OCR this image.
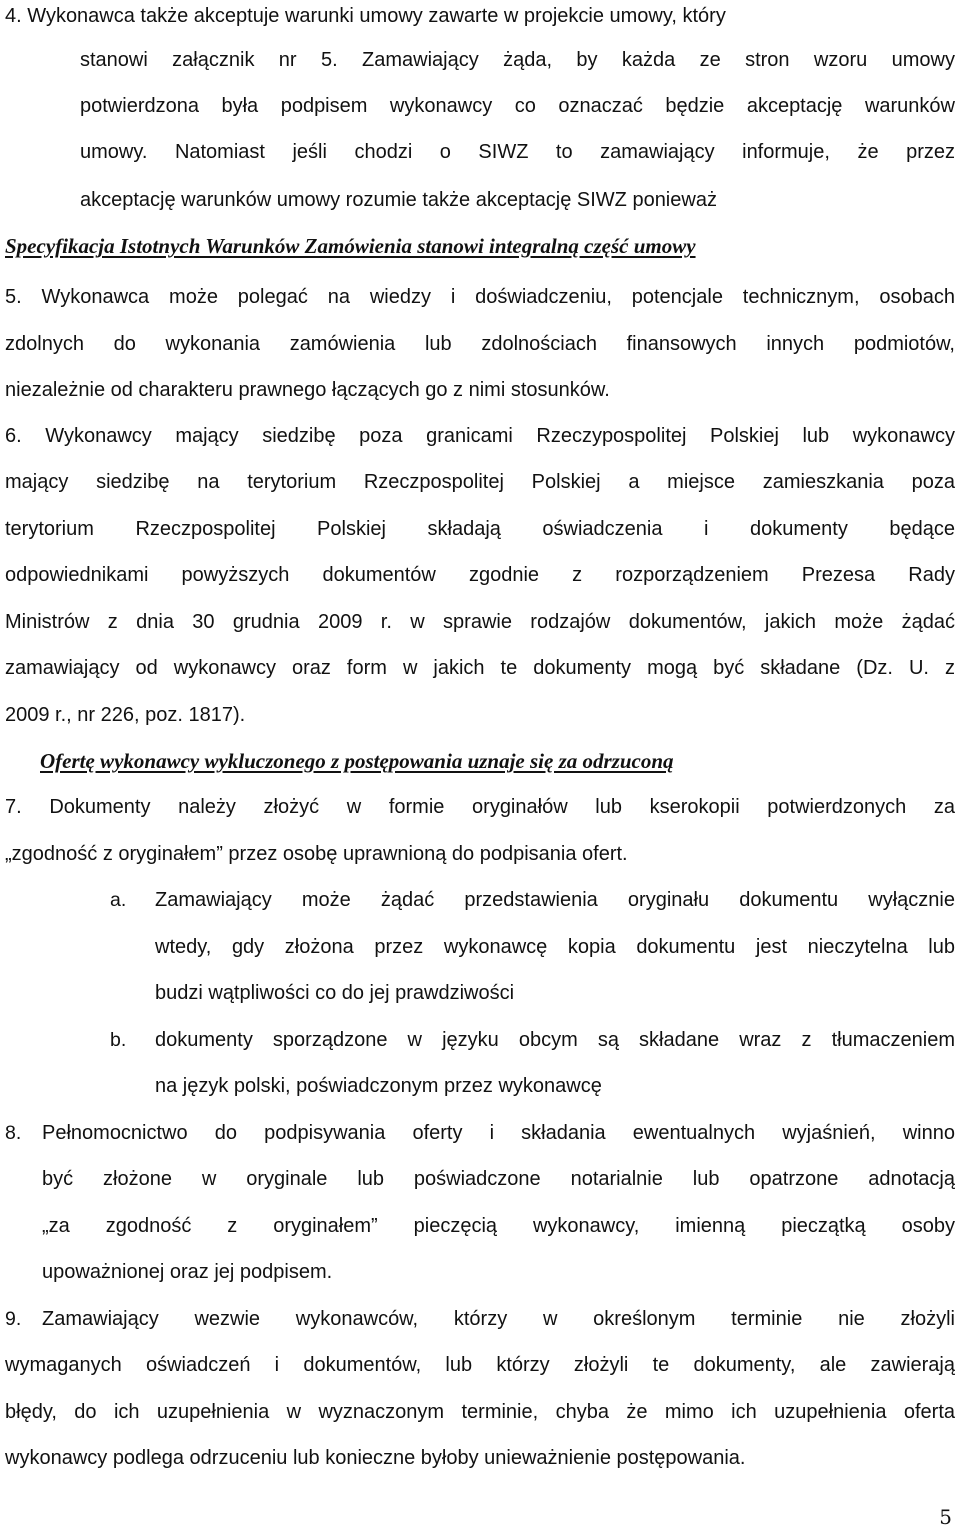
4. Wykonawca także akceptuje warunki umowy zawarte w projekcie umowy, który
stanowi załącznik nr 5. Zamawiający żąda, by każda ze stron wzoru umowy
potwierdzona była podpisem wykonawcy co oznaczać będzie akceptację warunków
umowy. Natomiast jeśli chodzi o SIWZ to zamawiający informuje, że przez
akceptację warunków umowy rozumie także akceptację SIWZ ponieważ
Specyfikacja Istotnych Warunków Zamówienia stanowi integralną część umowy
5. Wykonawca może polegać na wiedzy i doświadczeniu, potencjale technicznym, osobach
zdolnych do wykonania zamówienia lub zdolnościach finansowych innych podmiotów,
niezależnie od charakteru prawnego łączących go z nimi stosunków.
6. Wykonawcy mający siedzibę poza granicami Rzeczypospolitej Polskiej lub wykonawcy
mający siedzibę na terytorium Rzeczpospolitej Polskiej a miejsce zamieszkania poza
terytorium Rzeczpospolitej Polskiej składają oświadczenia i dokumenty będące
odpowiednikami powyższych dokumentów zgodnie z rozporządzeniem Prezesa Rady
Ministrów z dnia 30 grudnia 2009 r. w sprawie rodzajów dokumentów, jakich może żądać
zamawiający od wykonawcy oraz form w jakich te dokumenty mogą być składane (Dz. U. z
2009 r., nr 226, poz. 1817).
Ofertę wykonawcy wykluczonego z postępowania uznaje się za odrzuconą
7. Dokumenty należy złożyć w formie oryginałów lub kserokopii potwierdzonych za
„zgodność z oryginałem” przez osobę uprawnioną do podpisania ofert.
a. Zamawiający może żądać przedstawienia oryginału dokumentu wyłącznie
wtedy, gdy złożona przez wykonawcę kopia dokumentu jest nieczytelna lub
budzi wątpliwości co do jej prawdziwości
b. dokumenty sporządzone w języku obcym są składane wraz z tłumaczeniem
na język polski, poświadczonym przez wykonawcę
8. Pełnomocnictwo do podpisywania oferty i składania ewentualnych wyjaśnień, winno
być złożone w oryginale lub poświadczone notarialnie lub opatrzone adnotacją
„za zgodność z oryginałem” pieczęcią wykonawcy, imienną pieczątką osoby
upoważnionej oraz jej podpisem.
9. Zamawiający wezwie wykonawców, którzy w określonym terminie nie złożyli
wymaganych oświadczeń i dokumentów, lub którzy złożyli te dokumenty, ale zawierają
błędy, do ich uzupełnienia w wyznaczonym terminie, chyba że mimo ich uzupełnienia oferta
wykonawcy podlega odrzuceniu lub konieczne byłoby unieważnienie postępowania.
5
